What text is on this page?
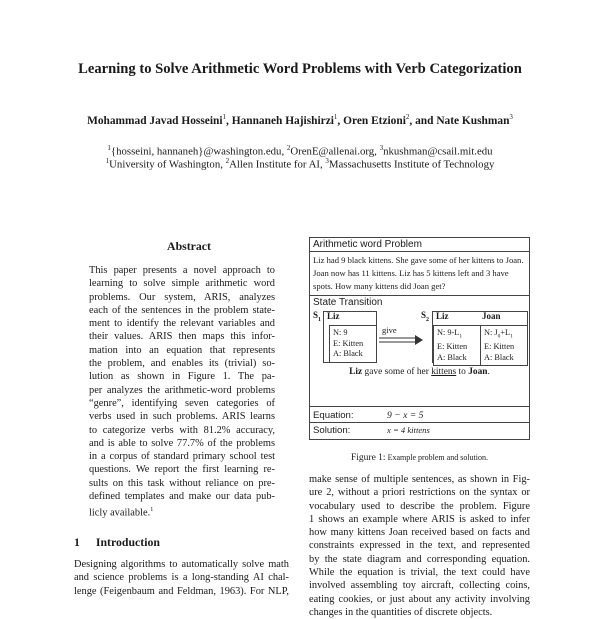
Learning to Solve Arithmetic Word Problems with Verb Categorization
Mohammad Javad Hosseini$^1$, Hannaneh Hajishirzi$^1$, Oren Etzioni$^2$, and Nate Kushman$^3$
$^1${hosseini, hannaneh}@washington.edu, $^2$OrenE@allenai.org, $^3$nkushman@csail.mit.edu
$^1$University of Washington, $^2$Allen Institute for AI, $^3$Massachusetts Institute of Technology
Abstract
This paper presents a novel approach to
learning to solve simple arithmetic word
problems. Our system, ARIS, analyzes
each of the sentences in the problem state-
ment to identify the relevant variables and
their values. ARIS then maps this infor-
mation into an equation that represents
the problem, and enables its (trivial) so-
lution as shown in Figure 1. The pa-
per analyzes the arithmetic-word problems
“genre”, identifying seven categories of
verbs used in such problems. ARIS learns
to categorize verbs with 81.2% accuracy,
and is able to solve 77.7% of the problems
in a corpus of standard primary school test
questions. We report the first learning re-
sults on this task without reliance on pre-
defined templates and make our data pub-
licly available.$^1$
1 Introduction
Designing algorithms to automatically solve math
and science problems is a long-standing AI chal-
lenge (Feigenbaum and Feldman, 1963). For NLP,
Arithmetic word Problem
Liz had 9 black kittens. She gave some of her kittens to Joan. Joan now has 11 kittens. Liz has 5 kittens left and 3 have spots. How many kittens did Joan get?
State Transition
$S_1$ Liz
N: 9
E: Kitten
A: Black
give
$S_2$ Liz	Joan
N: $9-L_1$
E: Kitten
A: Black
N: $J_0+L_1$
E: Kitten
A: Black
Liz gave some of her kittens to Joan.
Equation:	9 − x = 5
Solution:	x = 4 kittens
Figure 1: Example problem and solution.
make sense of multiple sentences, as shown in Fig-
ure 2, without a priori restrictions on the syntax or
vocabulary used to describe the problem. Figure
1 shows an example where ARIS is asked to infer
how many kittens Joan received based on facts and
constraints expressed in the text, and represented
by the state diagram and corresponding equation.
While the equation is trivial, the text could have
involved assembling toy aircraft, collecting coins,
eating cookies, or just about any activity involving
changes in the quantities of discrete objects.
